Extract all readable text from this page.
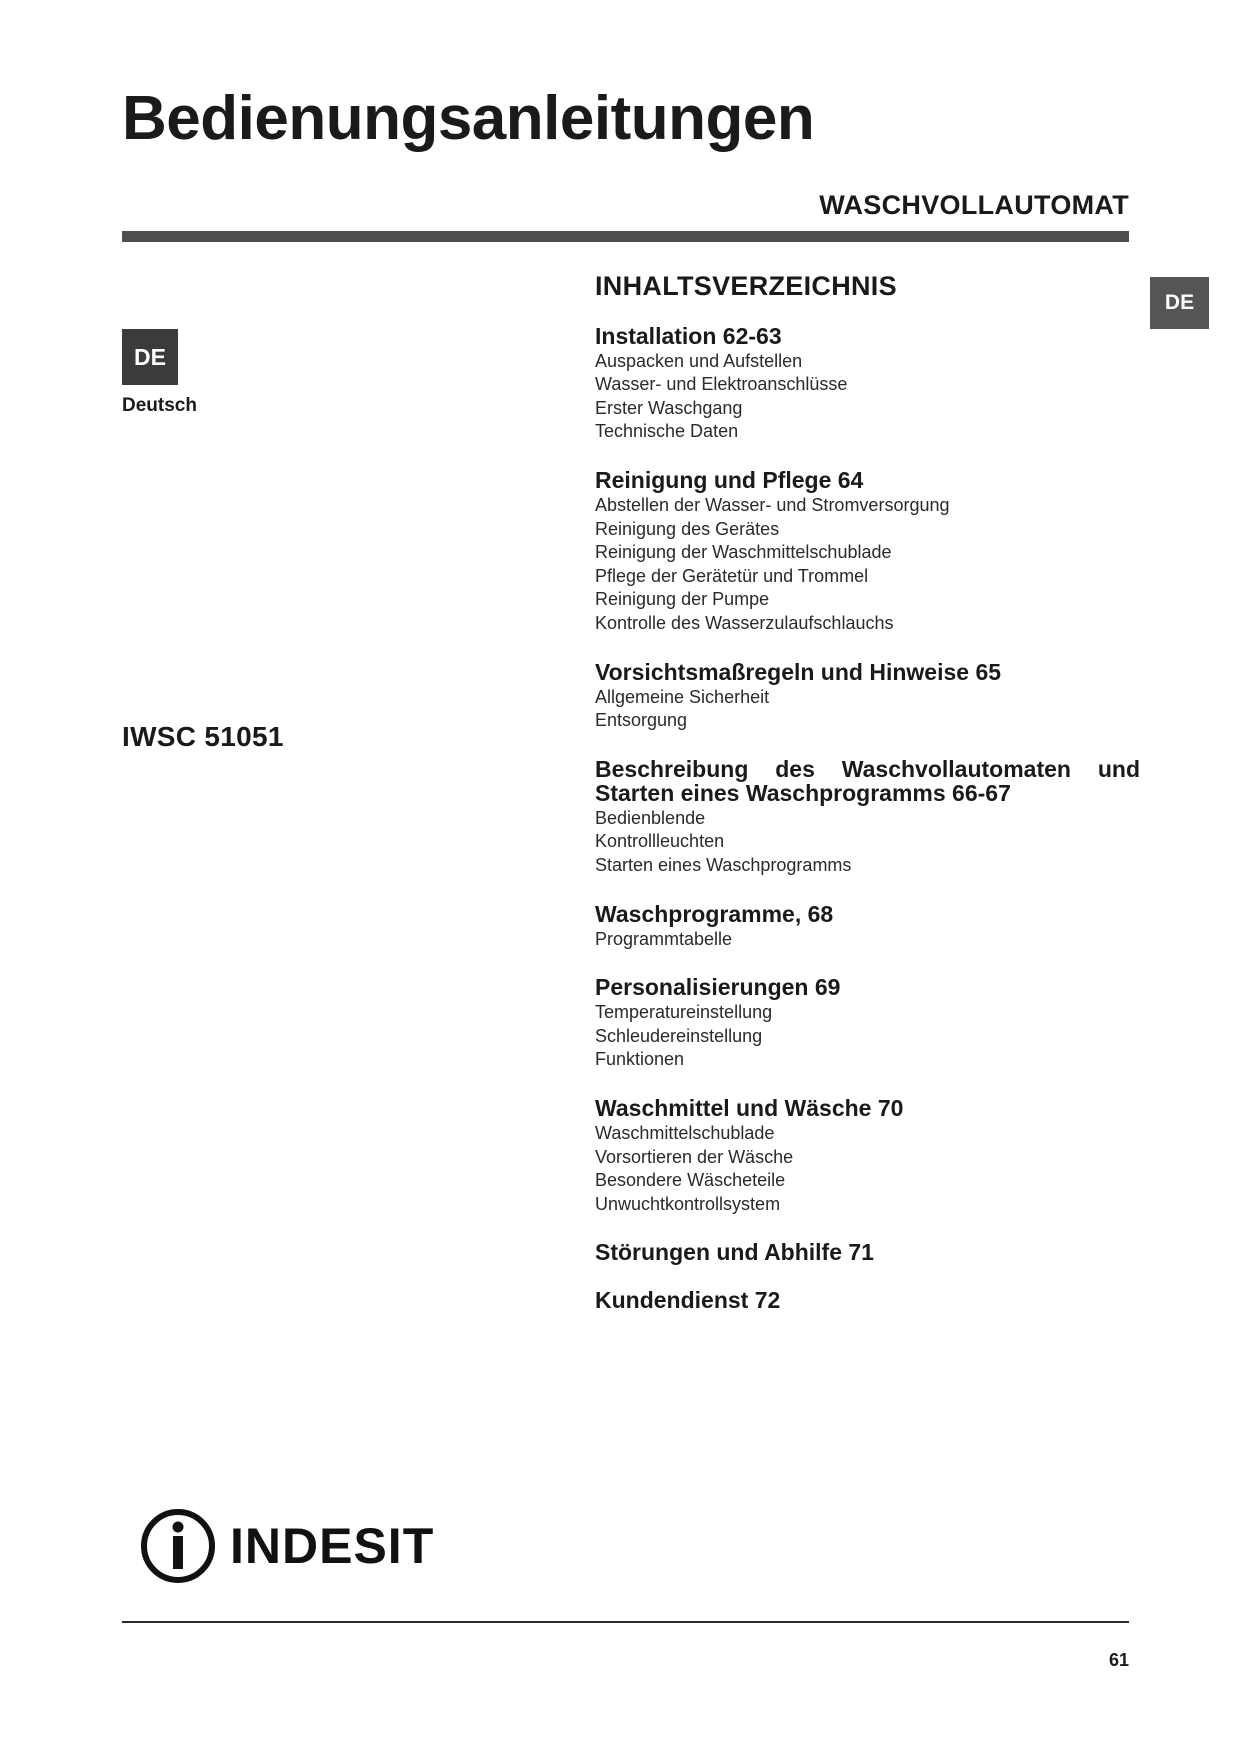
Bedienungsanleitungen
WASCHVOLLAUTOMAT
DE
Deutsch
IWSC 51051
DE
INHALTSVERZEICHNIS
Installation 62-63
Auspacken und Aufstellen
Wasser- und Elektroanschlüsse
Erster Waschgang
Technische Daten
Reinigung und Pflege 64
Abstellen der Wasser- und Stromversorgung
Reinigung des Gerätes
Reinigung der Waschmittelschublade
Pflege der Gerätetür und Trommel
Reinigung der Pumpe
Kontrolle des Wasserzulaufschlauchs
Vorsichtsmaßregeln und Hinweise 65
Allgemeine Sicherheit
Entsorgung
Beschreibung des Waschvollautomaten und Starten eines Waschprogramms 66-67
Bedienblende
Kontrollleuchten
Starten eines Waschprogramms
Waschprogramme, 68
Programmtabelle
Personalisierungen 69
Temperatureinstellung
Schleudereinstellung
Funktionen
Waschmittel und Wäsche 70
Waschmittelschublade
Vorsortieren der Wäsche
Besondere Wäscheteile
Unwuchtkontrollsystem
Störungen und Abhilfe 71
Kundendienst 72
INDESIT
61
